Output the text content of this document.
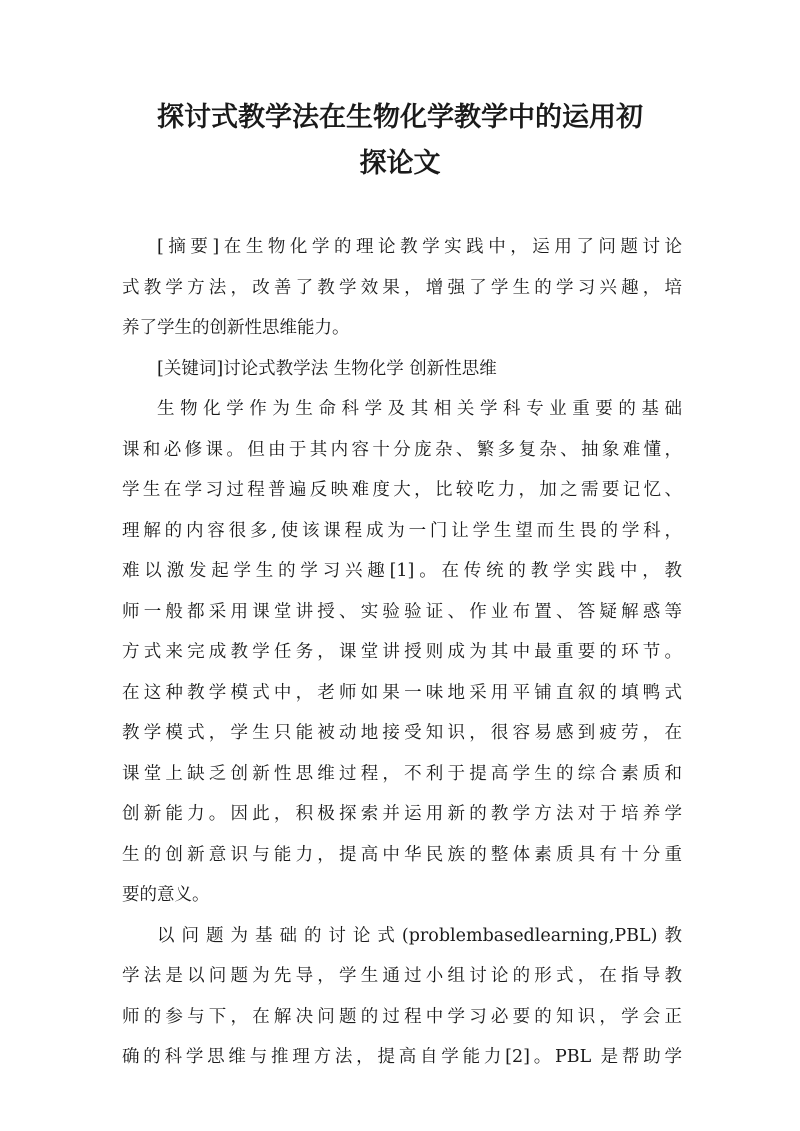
探讨式教学法在生物化学教学中的运用初
探论文
[摘要]在生物化学的理论教学实践中，运用了问题讨论
式教学方法，改善了教学效果，增强了学生的学习兴趣，培
养了学生的创新性思维能力。
[关键词]讨论式教学法 生物化学 创新性思维
生物化学作为生命科学及其相关学科专业重要的基础
课和必修课。但由于其内容十分庞杂、繁多复杂、抽象难懂，
学生在学习过程普遍反映难度大，比较吃力，加之需要记忆、
理解的内容很多,使该课程成为一门让学生望而生畏的学科，
难以激发起学生的学习兴趣[1]。在传统的教学实践中，教
师一般都采用课堂讲授、实验验证、作业布置、答疑解惑等
方式来完成教学任务，课堂讲授则成为其中最重要的环节。
在这种教学模式中，老师如果一味地采用平铺直叙的填鸭式
教学模式，学生只能被动地接受知识，很容易感到疲劳，在
课堂上缺乏创新性思维过程，不利于提高学生的综合素质和
创新能力。因此，积极探索并运用新的教学方法对于培养学
生的创新意识与能力，提高中华民族的整体素质具有十分重
要的意义。
以问题为基础的讨论式(problembasedlearning,PBL)教
学法是以问题为先导，学生通过小组讨论的形式，在指导教
师的参与下，在解决问题的过程中学习必要的知识，学会正
确的科学思维与推理方法，提高自学能力[2]。PBL 是帮助学
